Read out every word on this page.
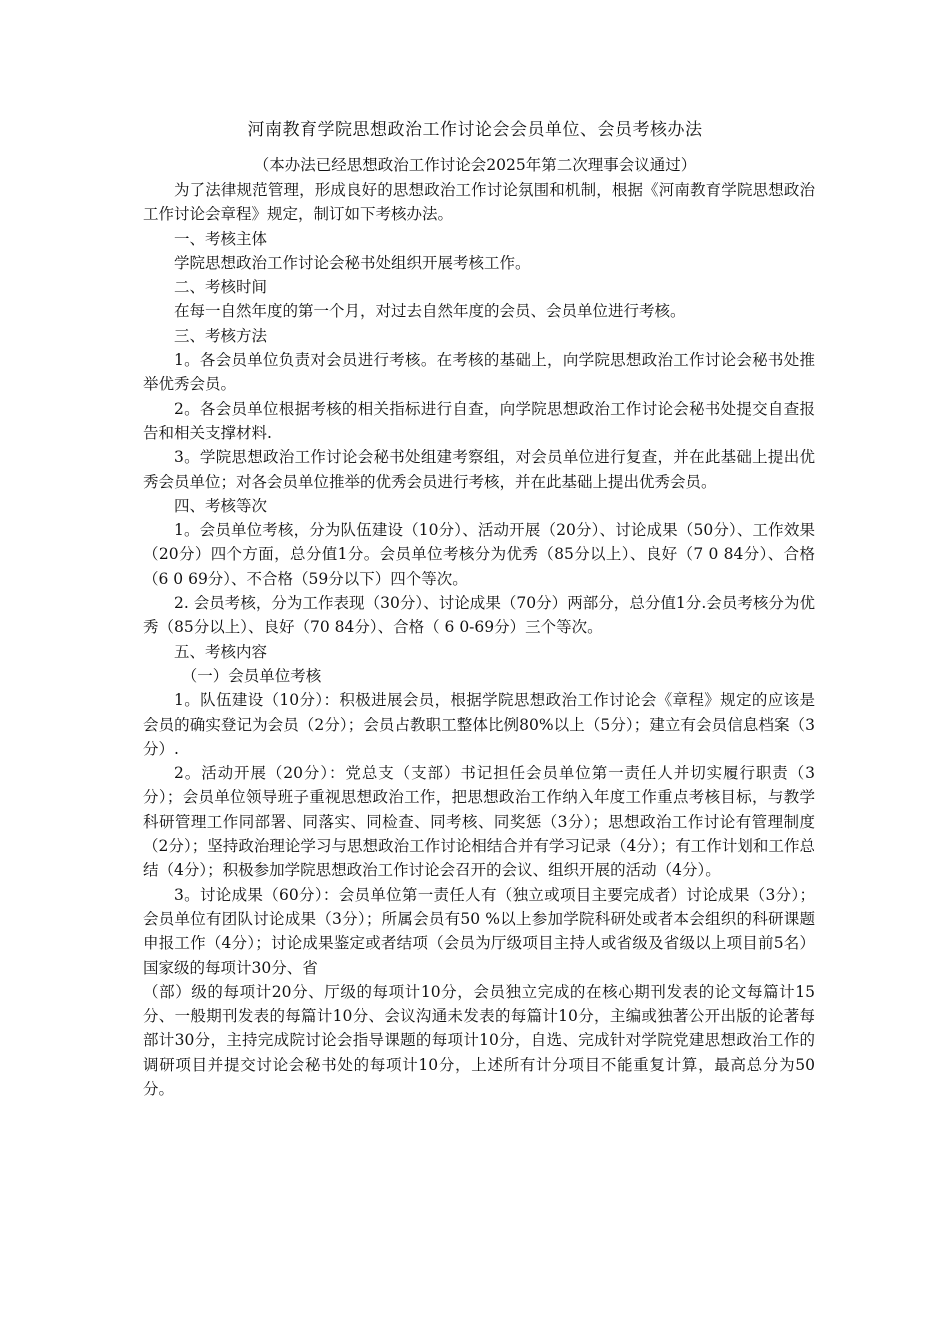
河南教育学院思想政治工作讨论会会员单位、会员考核办法
（本办法已经思想政治工作讨论会2025年第二次理事会议通过）

为了法律规范管理，形成良好的思想政治工作讨论氛围和机制，根据《河南教育学院思想政治工作讨论会章程》规定，制订如下考核办法。

一、考核主体

学院思想政治工作讨论会秘书处组织开展考核工作。

二、考核时间

在每一自然年度的第一个月，对过去自然年度的会员、会员单位进行考核。

三、考核方法

1。各会员单位负责对会员进行考核。在考核的基础上，向学院思想政治工作讨论会秘书处推举优秀会员。

2。各会员单位根据考核的相关指标进行自查，向学院思想政治工作讨论会秘书处提交自查报告和相关支撑材料.

3。学院思想政治工作讨论会秘书处组建考察组，对会员单位进行复查，并在此基础上提出优秀会员单位；对各会员单位推举的优秀会员进行考核，并在此基础上提出优秀会员。

四、考核等次

1。会员单位考核，分为队伍建设（10分）、活动开展（20分）、讨论成果（50分）、工作效果（20分）四个方面，总分值1分。会员单位考核分为优秀（85分以上）、良好（7 0 84分）、合格（6 0 69分）、不合格（59分以下）四个等次。

2. 会员考核，分为工作表现（30分）、讨论成果（70分）两部分，总分值1分.会员考核分为优秀（85分以上）、良好（70 84分）、合格（ 6 0-69分）三个等次。

五、考核内容

（一）会员单位考核

1。队伍建设（10分）：积极进展会员，根据学院思想政治工作讨论会《章程》规定的应该是会员的确实登记为会员（2分）；会员占教职工整体比例80%以上（5分）；建立有会员信息档案（3分）.

2。活动开展（20分）：党总支（支部）书记担任会员单位第一责任人并切实履行职责（3分）；会员单位领导班子重视思想政治工作，把思想政治工作纳入年度工作重点考核目标，与教学科研管理工作同部署、同落实、同检查、同考核、同奖惩（3分）；思想政治工作讨论有管理制度（2分）；坚持政治理论学习与思想政治工作讨论相结合并有学习记录（4分）；有工作计划和工作总结（4分）；积极参加学院思想政治工作讨论会召开的会议、组织开展的活动（4分）。

3。讨论成果（60分）：会员单位第一责任人有（独立或项目主要完成者）讨论成果（3分）；会员单位有团队讨论成果（3分）；所属会员有50 %以上参加学院科研处或者本会组织的科研课题申报工作（4分）；讨论成果鉴定或者结项（会员为厅级项目主持人或省级及省级以上项目前5名）国家级的每项计30分、省

（部）级的每项计20分、厅级的每项计10分，会员独立完成的在核心期刊发表的论文每篇计15分、一般期刊发表的每篇计10分、会议沟通未发表的每篇计10分，主编或独著公开出版的论著每部计30分，主持完成院讨论会指导课题的每项计10分，自选、完成针对学院党建思想政治工作的调研项目并提交讨论会秘书处的每项计10分，上述所有计分项目不能重复计算，最高总分为50分。
